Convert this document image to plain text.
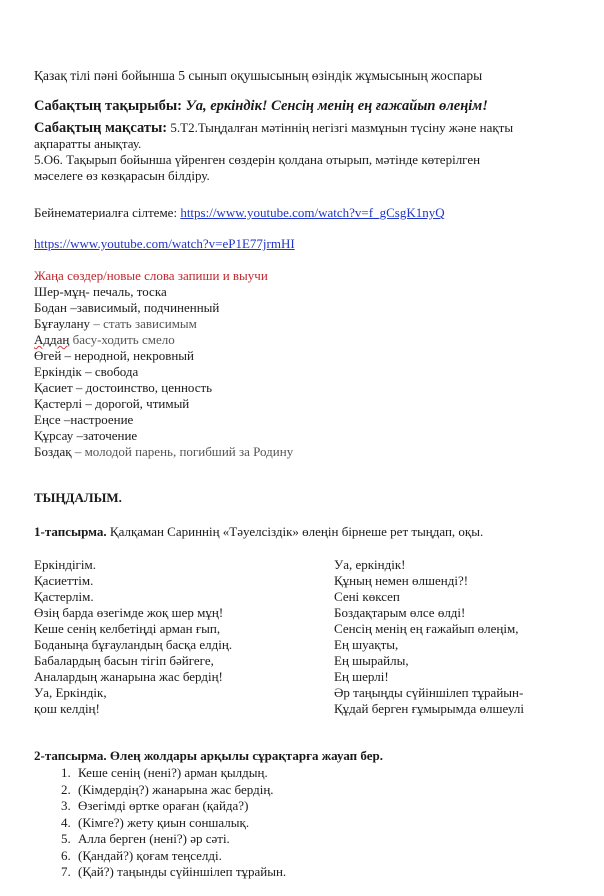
Қазақ тілі пәні бойынша 5 сынып оқушысының өзіндік жұмысының жоспары
Сабақтың тақырыбы: Уа, еркіндік! Сенсің менің ең ғажайып өлеңім!
Сабақтың мақсаты: 5.Т2.Тыңдалған мәтіннің негізгі мазмұнын түсіну және нақты
ақпаратты анықтау.
5.О6. Тақырып бойынша үйренген сөздерін қолдана отырып, мәтінде көтерілген
мәселеге өз көзқарасын білдіру.
Бейнематериалға сілтеме: https://www.youtube.com/watch?v=f_gCsgK1nyQ
https://www.youtube.com/watch?v=eP1E77jrmHI
Жаңа сөздер/новые слова запиши и выучи
Шер-мұң- печаль, тоска
Бодан –зависимый, подчиненный
Бұғаулану – стать зависимым
Аддаң басу-ходить смело
Өгей – неродной, некровный
Еркіндік – свобода
Қасиет – достоинство, ценность
Қастерлі – дорогой, чтимый
Еңсе –настроение
Құрсау –заточение
Боздақ – молодой парень, погибший за Родину
ТЫҢДАЛЫМ.
1-тапсырма. Қалқаман Сариннің «Тәуелсіздік» өлеңін бірнеше рет тыңдап, оқы.
Еркіндігім.
Қасиеттім.
Қастерлім.
Өзің барда өзегімде жоқ шер мұң!
Кеше сенің келбетіңді арман ғып,
Боданыңа бұғауландың басқа елдің.
Бабалардың басын тігіп бәйгеге,
Аналардың жанарына жас бердің!
Уа, Еркіндік,
қош келдің!
Уа, еркіндік!
Құның немен өлшенді?!
Сені көксеп
Боздақтарым өлсе өлді!
Сенсің менің ең ғажайып өлеңім,
Ең шуақты,
Ең шырайлы,
Ең шерлі!
Әр таңыңды сүйіншілеп тұрайын-
Құдай берген ғұмырымда өлшеулі
2-тапсырма. Өлең жолдары арқылы сұрақтарға жауап бер.
1. Кеше сенің (нені?) арман қылдың.
2. (Кімдердің?) жанарына жас бердің.
3. Өзегімді өртке ораған (қайда?)
4. (Кімге?) жету қиын соншалық.
5. Алла берген (нені?) әр сәті.
6. (Қандай?) қоғам теңселді.
7. (Қай?) таңынды сүйіншілеп тұрайын.
